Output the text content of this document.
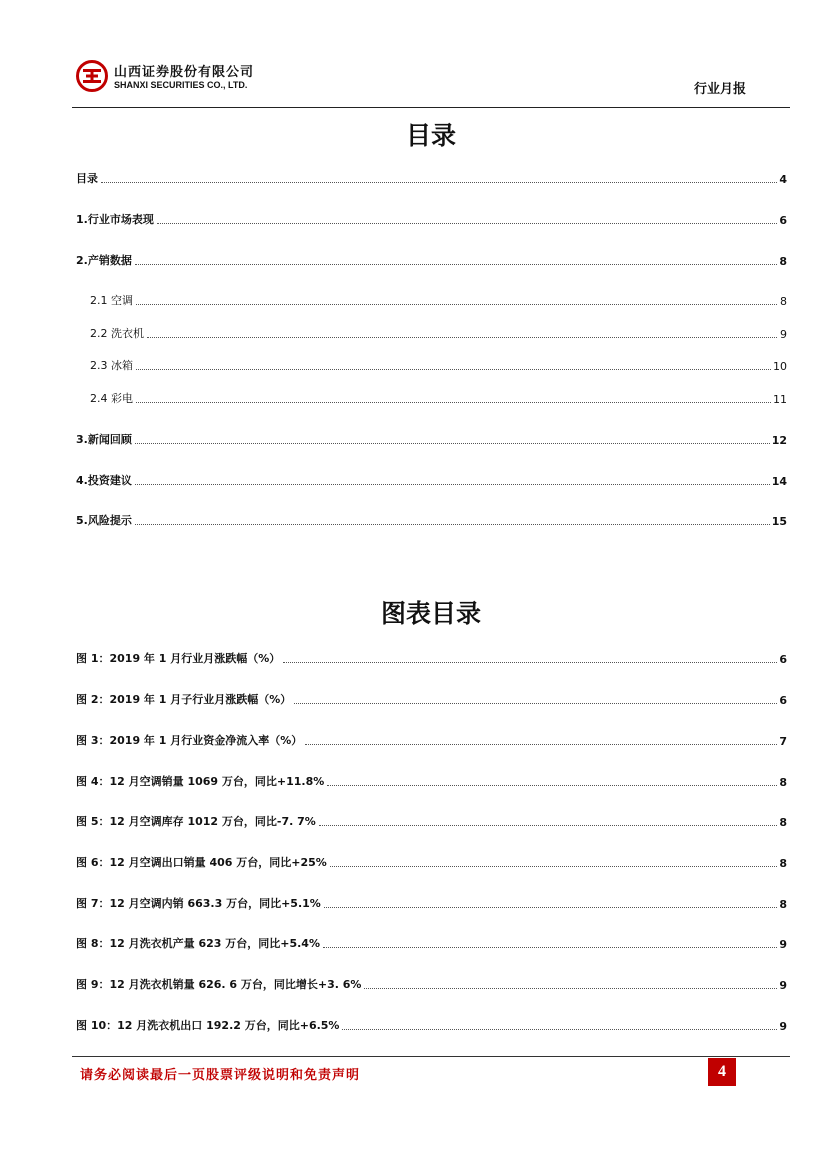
山西证券股份有限公司
SHANXI SECURITIES CO., LTD.	行业月报
目录
目录	4
1.行业市场表现	6
2.产销数据	8
2.1 空调	8
2.2 洗衣机	9
2.3 冰箱	10
2.4 彩电	11
3.新闻回顾	12
4.投资建议	14
5.风险提示	15
图表目录
图 1：2019 年 1 月行业月涨跌幅（%）	6
图 2：2019 年 1 月子行业月涨跌幅（%）	6
图 3：2019 年 1 月行业资金净流入率（%）	7
图 4：12 月空调销量 1069 万台，同比+11.8%	8
图 5：12 月空调库存 1012 万台，同比-7. 7%	8
图 6：12 月空调出口销量 406 万台，同比+25%	8
图 7：12 月空调内销 663.3 万台，同比+5.1%	8
图 8：12 月洗衣机产量 623 万台，同比+5.4%	9
图 9：12 月洗衣机销量 626. 6 万台，同比增长+3. 6%	9
图 10：12 月洗衣机出口 192.2 万台，同比+6.5%	9
请务必阅读最后一页股票评级说明和免责声明	4
